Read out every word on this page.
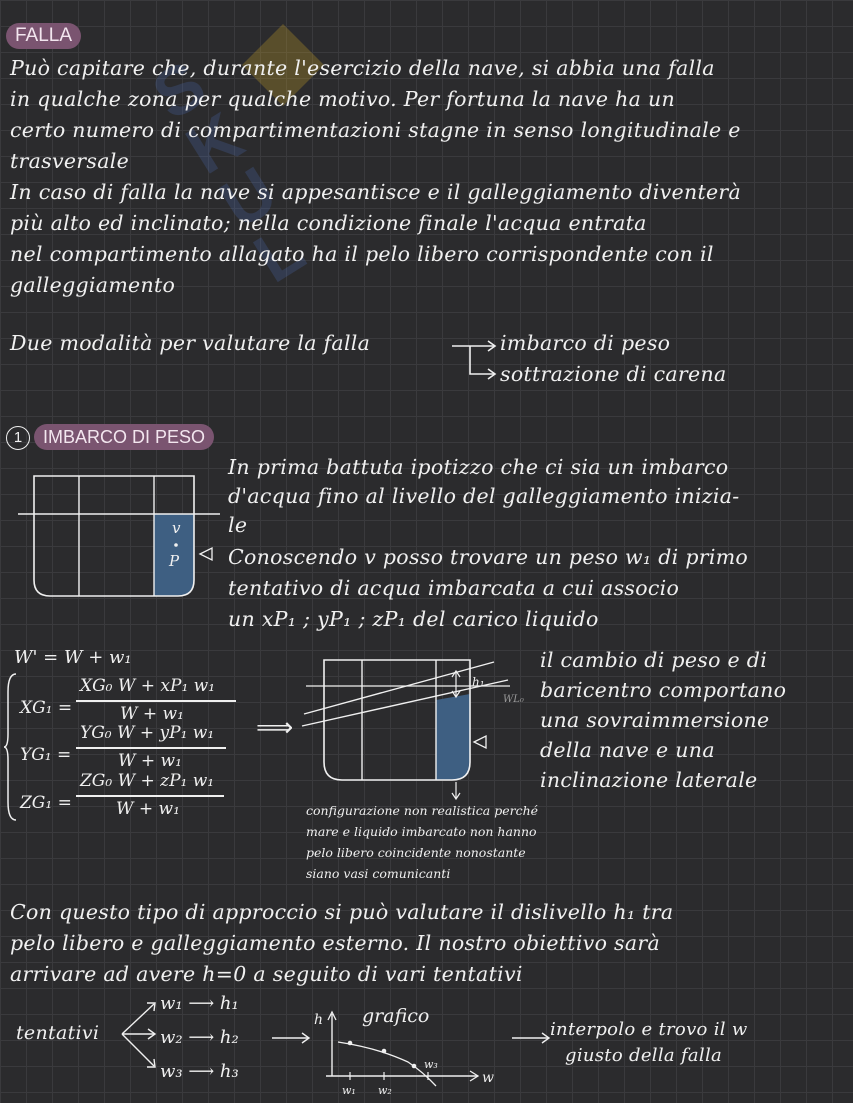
S
K
U
L
FALLA
Può capitare che, durante l'esercizio della nave, si abbia una falla
in qualche zona per qualche motivo. Per fortuna la nave ha un
certo numero di compartimentazioni stagne in senso longitudinale e
trasversale
In caso di falla la nave si appesantisce e il galleggiamento diventerà
più alto ed inclinato; nella condizione finale l'acqua entrata
nel compartimento allagato ha il pelo libero corrispondente con il
galleggiamento
Due modalità per valutare la falla	imbarco di peso
sottrazione di carena
1	IMBARCO DI PESO
v
P
In prima battuta ipotizzo che ci sia un imbarco
d'acqua fino al livello del galleggiamento inizia-
le
Conoscendo v posso trovare un peso w₁ di primo
tentativo di acqua imbarcata a cui associo
un xP₁ ; yP₁ ; zP₁ del carico liquido
W' = W + w₁
XG₁ =
XG₀ W + xP₁ w₁
W + w₁
YG₁ =
YG₀ W + yP₁ w₁
W + w₁
ZG₁ =
ZG₀ W + zP₁ w₁
W + w₁
⟹
h₁
WL₀
configurazione non realistica perché
mare e liquido imbarcato non hanno
pelo libero coincidente nonostante
siano vasi comunicanti
il cambio di peso e di
baricentro comportano
una sovraimmersione
della nave e una
inclinazione laterale
Con questo tipo di approccio si può valutare il dislivello h₁ tra
pelo libero e galleggiamento esterno. Il nostro obiettivo sarà
arrivare ad avere h=0 a seguito di vari tentativi
tentativi
w₁ ⟶ h₁
w₂ ⟶ h₂
w₃ ⟶ h₃
h
w
grafico
w₁ w₂
w₃
interpolo e trovo il w
giusto della falla
